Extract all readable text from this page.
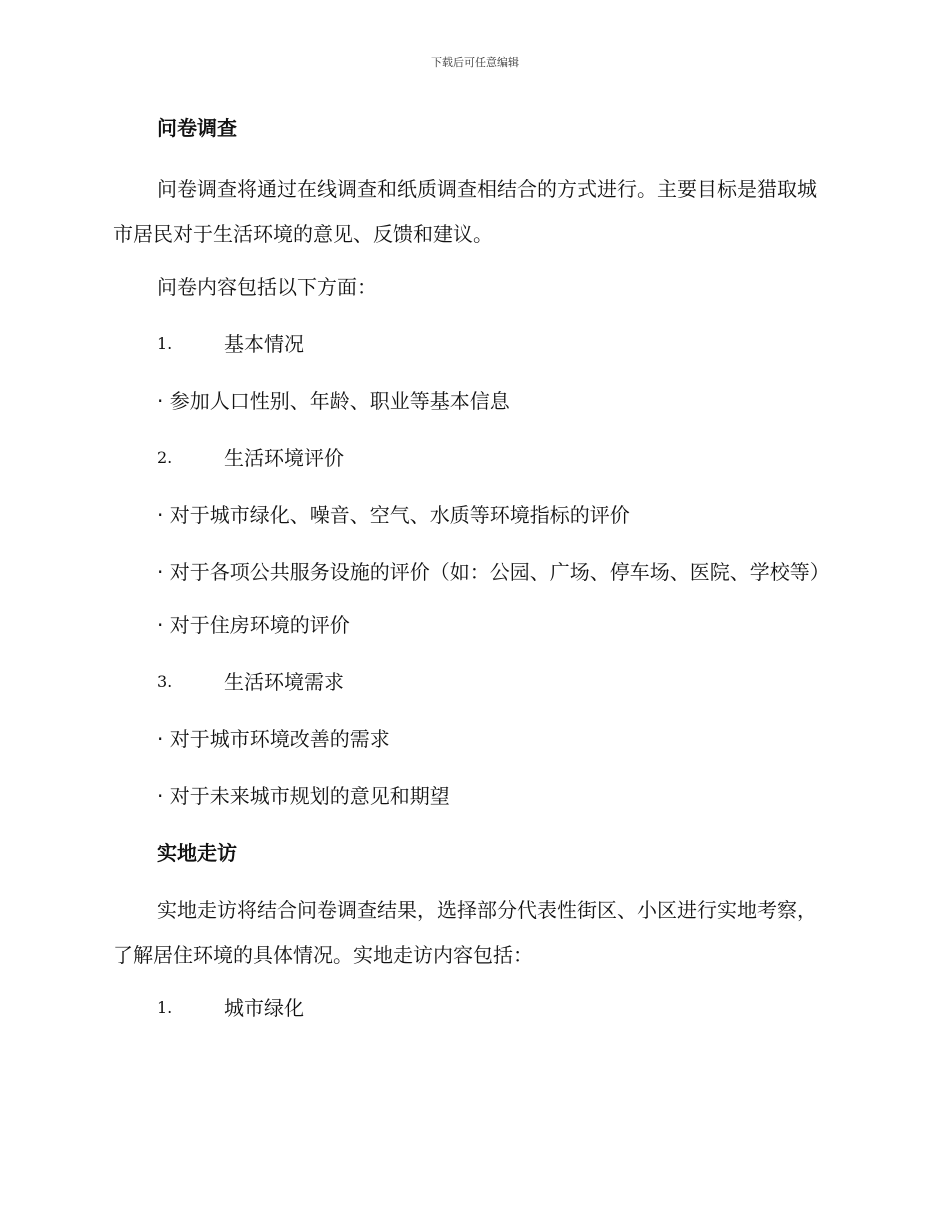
下载后可任意编辑
问卷调查

问卷调查将通过在线调查和纸质调查相结合的方式进行。主要目标是猎取城市居民对于生活环境的意见、反馈和建议。

问卷内容包括以下方面：

1.	基本情况

· 参加人口性别、年龄、职业等基本信息

2.	生活环境评价

· 对于城市绿化、噪音、空气、水质等环境指标的评价

· 对于各项公共服务设施的评价（如：公园、广场、停车场、医院、学校等）

· 对于住房环境的评价

3.	生活环境需求

· 对于城市环境改善的需求

· 对于未来城市规划的意见和期望

实地走访

实地走访将结合问卷调查结果，选择部分代表性街区、小区进行实地考察，了解居住环境的具体情况。实地走访内容包括：

1.	城市绿化
